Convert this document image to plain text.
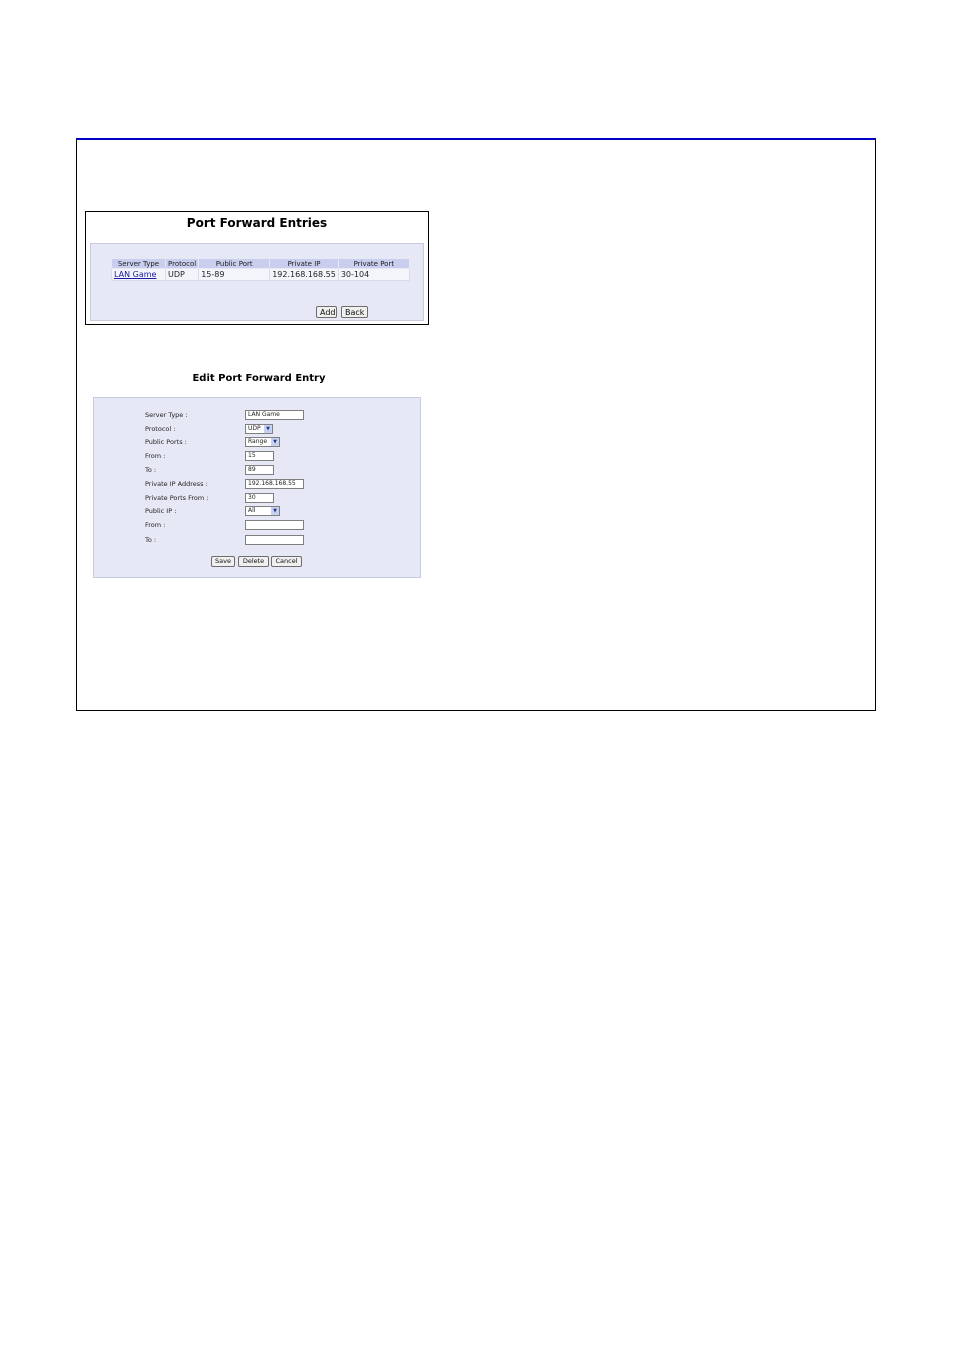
Port Forward Entries
Server Type	Protocol	Public Port	Private IP	Private Port
LAN Game	UDP	15-89	192.168.168.55	30-104
Add	Back
Edit Port Forward Entry
Server Type :	LAN Game
Protocol :	UDP	▼
Public Ports :	Range	▼
From :	15
To :	89
Private IP Address :	192.168.168.55
Private Ports From :	30
Public IP :	All	▼
From :
To :
Save	Delete	Cancel
